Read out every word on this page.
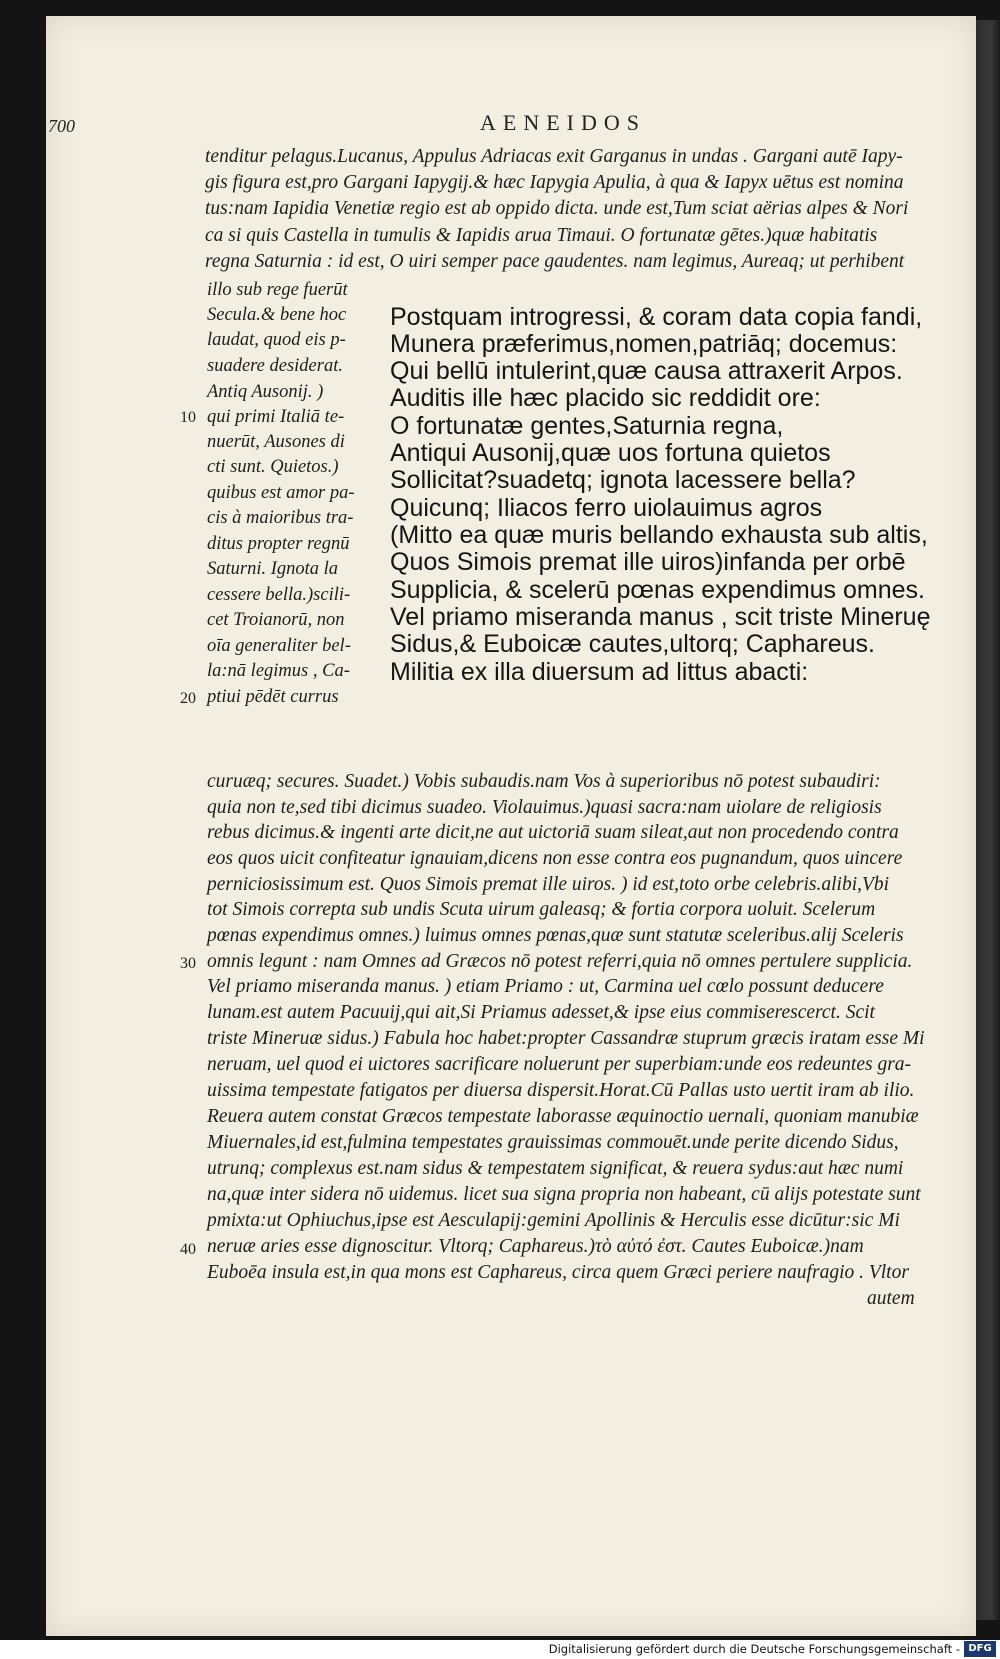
700	AENEIDOS
tenditur pelagus.Lucanus, Appulus Adriacas exit Garganus in undas . Gargani autē Iapy-
gis figura est,pro Gargani Iapygij.& hæc Iapygia Apulia, à qua & Iapyx uētus est nomina
tus:nam Iapidia Venetiæ regio est ab oppido dicta. unde est,Tum sciat aërias alpes & Nori
ca si quis Castella in tumulis & Iapidis arua Timaui. O fortunatæ gētes.)quæ habitatis
regna Saturnia : id est, O uiri semper pace gaudentes. nam legimus, Aureaq; ut perhibent
illo sub rege fuerūt
Secula.& bene hoc
laudat, quod eis p-
suadere desiderat.
Antiq Ausonij. )
qui primi Italiā te-
nuerūt, Ausones di
cti sunt. Quietos.)
quibus est amor pa-
cis à maioribus tra-
ditus propter regnū
Saturni. Ignota la
cessere bella.)scili-
cet Troianorū, non
oīa generaliter bel-
la:nā legimus , Ca-
ptiui pēdēt currus
Postquam introgressi, & coram data copia fandi,
Munera præferimus,nomen,patriāq; docemus:
Qui bellū intulerint,quæ causa attraxerit Arpos.
Auditis ille hæc placido sic reddidit ore:
O fortunatæ gentes,Saturnia regna,
Antiqui Ausonij,quæ uos fortuna quietos
Sollicitat?suadetq; ignota lacessere bella?
Quicunq; Iliacos ferro uiolauimus agros
(Mitto ea quæ muris bellando exhausta sub altis,
Quos Simois premat ille uiros)infanda per orbē
Supplicia, & scelerū pœnas expendimus omnes.
Vel priamo miseranda manus , scit triste Mineruę
Sidus,& Euboicæ cautes,ultorq; Caphareus.
Militia ex illa diuersum ad littus abacti:
curuæq; secures. Suadet.) Vobis subaudis.nam Vos à superioribus nō potest subaudiri:
quia non te,sed tibi dicimus suadeo. Violauimus.)quasi sacra:nam uiolare de religiosis
rebus dicimus.& ingenti arte dicit,ne aut uictoriā suam sileat,aut non procedendo contra
eos quos uicit confiteatur ignauiam,dicens non esse contra eos pugnandum, quos uincere
perniciosissimum est. Quos Simois premat ille uiros. ) id est,toto orbe celebris.alibi,Vbi
tot Simois correpta sub undis Scuta uirum galeasq; & fortia corpora uoluit. Scelerum
pœnas expendimus omnes.) luimus omnes pœnas,quæ sunt statutæ sceleribus.alij Sceleris
omnis legunt : nam Omnes ad Græcos nō potest referri,quia nō omnes pertulere supplicia.
Vel priamo miseranda manus. ) etiam Priamo : ut, Carmina uel cœlo possunt deducere
lunam.est autem Pacuuij,qui ait,Si Priamus adesset,& ipse eius commiserescerct. Scit
triste Mineruæ sidus.) Fabula hoc habet:propter Cassandræ stuprum græcis iratam esse Mi
neruam, uel quod ei uictores sacrificare noluerunt per superbiam:unde eos redeuntes gra-
uissima tempestate fatigatos per diuersa dispersit.Horat.Cū Pallas usto uertit iram ab ilio.
Reuera autem constat Græcos tempestate laborasse æquinoctio uernali, quoniam manubiæ
Miuernales,id est,fulmina tempestates grauissimas commouēt.unde perite dicendo Sidus,
utrunq; complexus est.nam sidus & tempestatem significat, & reuera sydus:aut hæc numi
na,quæ inter sidera nō uidemus. licet sua signa propria non habeant, cū alijs potestate sunt
pmixta:ut Ophiuchus,ipse est Aesculapij:gemini Apollinis & Herculis esse dicūtur:sic Mi
neruæ aries esse dignoscitur. Vltorq; Caphareus.)τὸ αὐτό ἐστ. Cautes Euboicæ.)nam
Euboēa insula est,in qua mons est Caphareus, circa quem Græci periere naufragio . Vltor
autem
10
20
30
40
Digitalisierung gefördert durch die Deutsche Forschungsgemeinschaft - DFG
